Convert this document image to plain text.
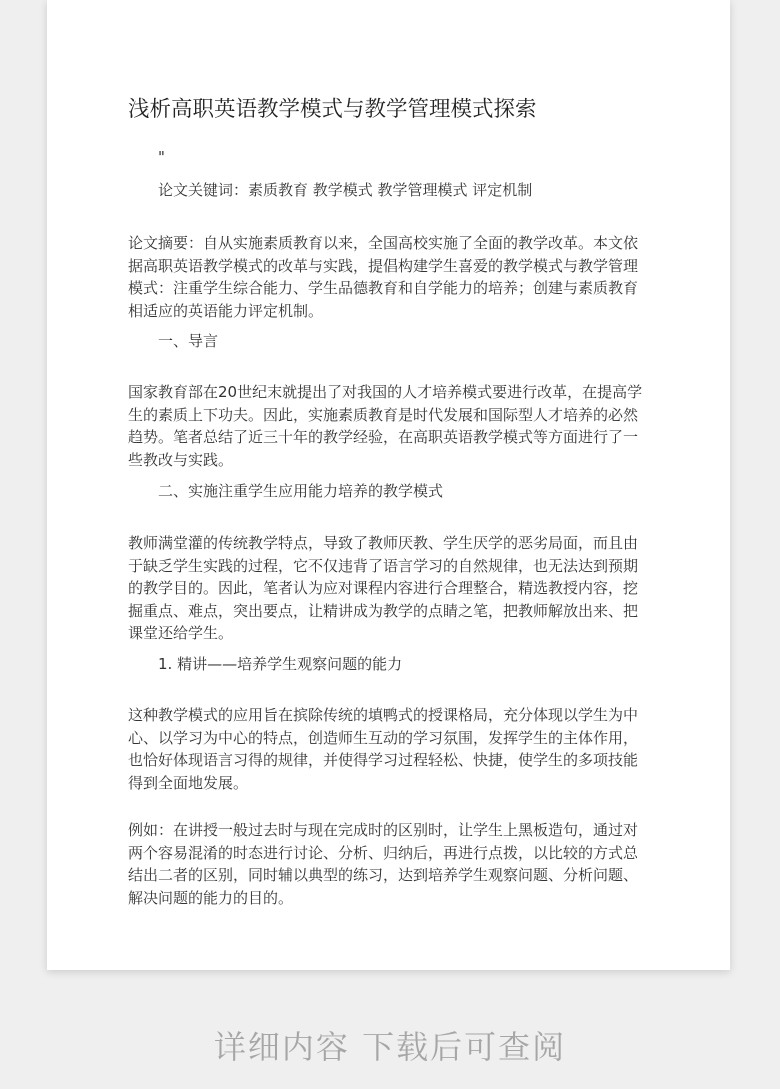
浅析高职英语教学模式与教学管理模式探索
"
论文关键词：素质教育 教学模式 教学管理模式 评定机制
论文摘要：自从实施素质教育以来，全国高校实施了全面的教学改革。本文依
据高职英语教学模式的改革与实践，提倡构建学生喜爱的教学模式与教学管理
模式：注重学生综合能力、学生品德教育和自学能力的培养；创建与素质教育
相适应的英语能力评定机制。
一、导言
国家教育部在20世纪末就提出了对我国的人才培养模式要进行改革，在提高学
生的素质上下功夫。因此，实施素质教育是时代发展和国际型人才培养的必然
趋势。笔者总结了近三十年的教学经验，在高职英语教学模式等方面进行了一
些教改与实践。
二、实施注重学生应用能力培养的教学模式
教师满堂灌的传统教学特点，导致了教师厌教、学生厌学的恶劣局面，而且由
于缺乏学生实践的过程，它不仅违背了语言学习的自然规律，也无法达到预期
的教学目的。因此，笔者认为应对课程内容进行合理整合，精选教授内容，挖
掘重点、难点，突出要点，让精讲成为教学的点睛之笔，把教师解放出来、把
课堂还给学生。
1. 精讲——培养学生观察问题的能力
这种教学模式的应用旨在摈除传统的填鸭式的授课格局，充分体现以学生为中
心、以学习为中心的特点，创造师生互动的学习氛围，发挥学生的主体作用，
也恰好体现语言习得的规律，并使得学习过程轻松、快捷，使学生的多项技能
得到全面地发展。
例如：在讲授一般过去时与现在完成时的区别时，让学生上黑板造句，通过对
两个容易混淆的时态进行讨论、分析、归纳后，再进行点拨，以比较的方式总
结出二者的区别，同时辅以典型的练习，达到培养学生观察问题、分析问题、
解决问题的能力的目的。
详细内容 下载后可查阅
